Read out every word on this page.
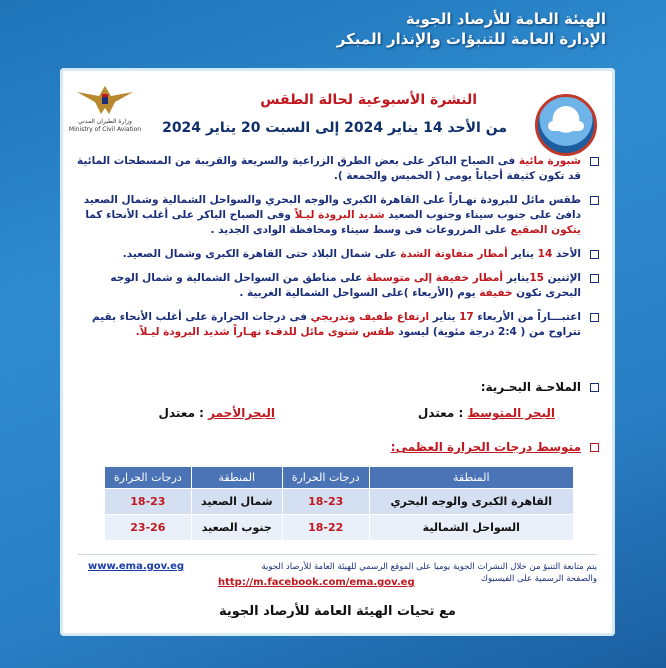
الهيئة العامة للأرصاد الجوية
الإدارة العامة للتنبؤات والإنذار المبكر
وزارة الطيران المدني
Ministry of Civil Aviation
النشرة الأسبوعية لحالة الطقس
من الأحد 14 يناير 2024 إلى السبت 20 يناير 2024
شبورة مائية فى الصباح الباكر على بعض الطرق الزراعية والسريعة والقريبة من المسطحات المائية قد تكون كثيفة أحياناً يومى ( الخميس والجمعة ).
طقس مائل للبرودة نهـاراً على القاهرة الكبرى والوجه البحري والسواحل الشمالية وشمال الصعيد دافئ على جنوب سيناء وجنوب الصعيد شديد البرودة ليـلاً وفى الصباح الباكر على أغلب الأنحاء كما يتكون الصقيع على المزروعات فى وسط سيناء ومحافظة الوادى الجديد .
الأحد 14 يناير أمطار متفاوتة الشدة على شمال البلاد حتى القاهرة الكبرى وشمال الصعيد.
الإثنين 15يناير أمطار خفيفة إلى متوسطة على مناطق من السواحل الشمالية و شمال الوجه البحرى تكون خفيفة يوم (الأربعاء )على السواحل الشمالية الغربية .
اعتبـــاراً من الأربعاء 17 يناير ارتفاع طفيف وتدريجي فى درجات الحرارة على أغلب الأنحاء بقيم تتراوح من ( 2:4 درجة مئوية) ليسود طقس شتوى مائل للدفء نهـاراً شديد البرودة ليـلاً.
الملاحـة البحـرية:
البحر المتوسط : معتدل
البحرالأحمر : معتدل
متوسط درجات الحرارة العظمى:
المنطقة	درجات الحرارة	المنطقة	درجات الحرارة
القاهرة الكبرى والوجه البحري	18-23	شمال الصعيد	18-23
السواحل الشمالية	18-22	جنوب الصعيد	23-26
يتم متابعة التنبؤ من خلال النشرات الجوية يوميا على الموقع الرسمي للهيئة العامة للأرصاد الجوية
والصفحة الرسمية على الفيسبوك
www.ema.gov.eg
http://m.facebook.com/ema.gov.eg
مع تحيات الهيئة العامة للأرصاد الجوية
